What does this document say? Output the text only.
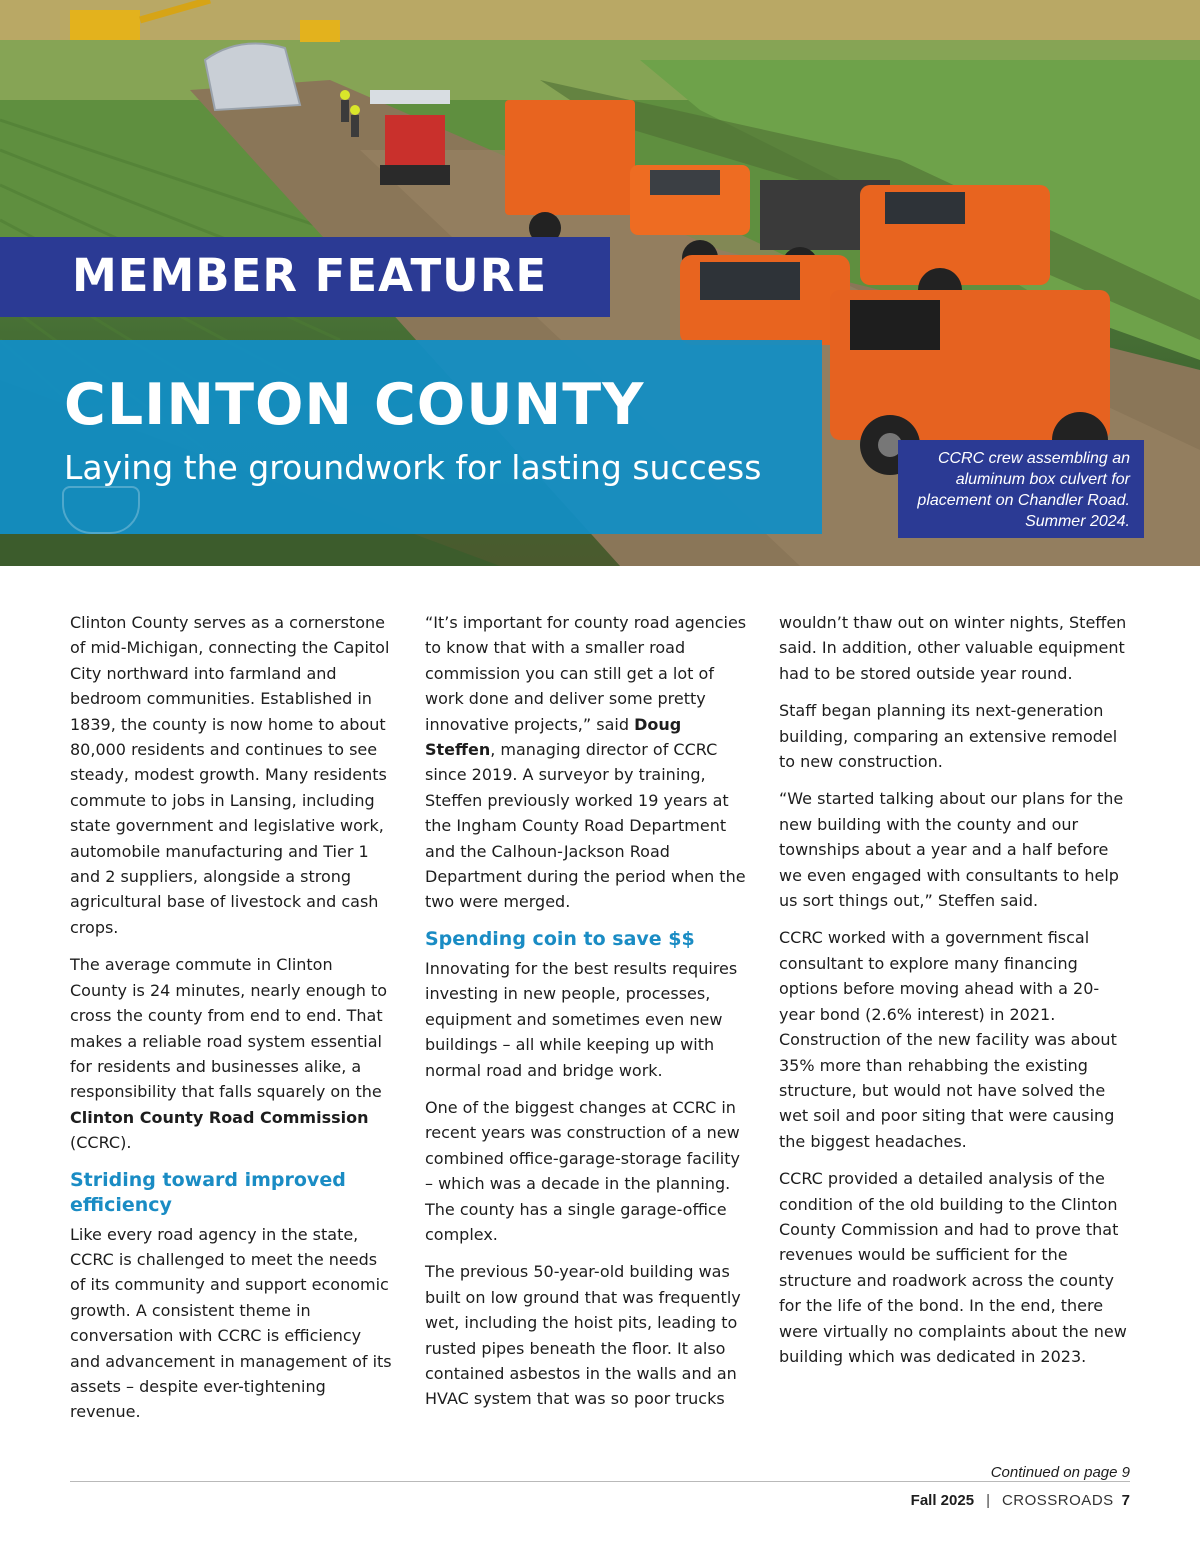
MEMBER FEATURE
CLINTON COUNTY
Laying the groundwork for lasting success	CCRC crew assembling an
aluminum box culvert for
placement on Chandler Road.
Summer 2024.

Clinton County serves as a cornerstone of mid-Michigan, connecting the Capitol City northward into farmland and bedroom communities. Established in 1839, the county is now home to about 80,000 residents and continues to see steady, modest growth. Many residents commute to jobs in Lansing, including state government and legislative work, automobile manufacturing and Tier 1 and 2 suppliers, alongside a strong agricultural base of livestock and cash crops.

The average commute in Clinton County is 24 minutes, nearly enough to cross the county from end to end. That makes a reliable road system essential for residents and businesses alike, a responsibility that falls squarely on the Clinton County Road Commission (CCRC).

Striding toward improved efficiency

Like every road agency in the state, CCRC is challenged to meet the needs of its community and support economic growth. A consistent theme in conversation with CCRC is efficiency and advancement in management of its assets – despite ever-tightening revenue.

“It’s important for county road agencies to know that with a smaller road commission you can still get a lot of work done and deliver some pretty innovative projects,” said Doug Steffen, managing director of CCRC since 2019. A surveyor by training, Steffen previously worked 19 years at the Ingham County Road Department and the Calhoun-Jackson Road Department during the period when the two were merged.

Spending coin to save $$

Innovating for the best results requires investing in new people, processes, equipment and sometimes even new buildings – all while keeping up with normal road and bridge work.

One of the biggest changes at CCRC in recent years was construction of a new combined office-garage-storage facility – which was a decade in the planning. The county has a single garage-office complex.

The previous 50-year-old building was built on low ground that was frequently wet, including the hoist pits, leading to rusted pipes beneath the floor. It also contained asbestos in the walls and an HVAC system that was so poor trucks

wouldn’t thaw out on winter nights, Steffen said. In addition, other valuable equipment had to be stored outside year round.

Staff began planning its next-generation building, comparing an extensive remodel to new construction.

“We started talking about our plans for the new building with the county and our townships about a year and a half before we even engaged with consultants to help us sort things out,” Steffen said.

CCRC worked with a government fiscal consultant to explore many financing options before moving ahead with a 20-year bond (2.6% interest) in 2021. Construction of the new facility was about 35% more than rehabbing the existing structure, but would not have solved the wet soil and poor siting that were causing the biggest headaches.

CCRC provided a detailed analysis of the condition of the old building to the Clinton County Commission and had to prove that revenues would be sufficient for the structure and roadwork across the county for the life of the bond. In the end, there were virtually no complaints about the new building which was dedicated in 2023.

Continued on page 9
Fall 2025 | CROSSROADS 7
